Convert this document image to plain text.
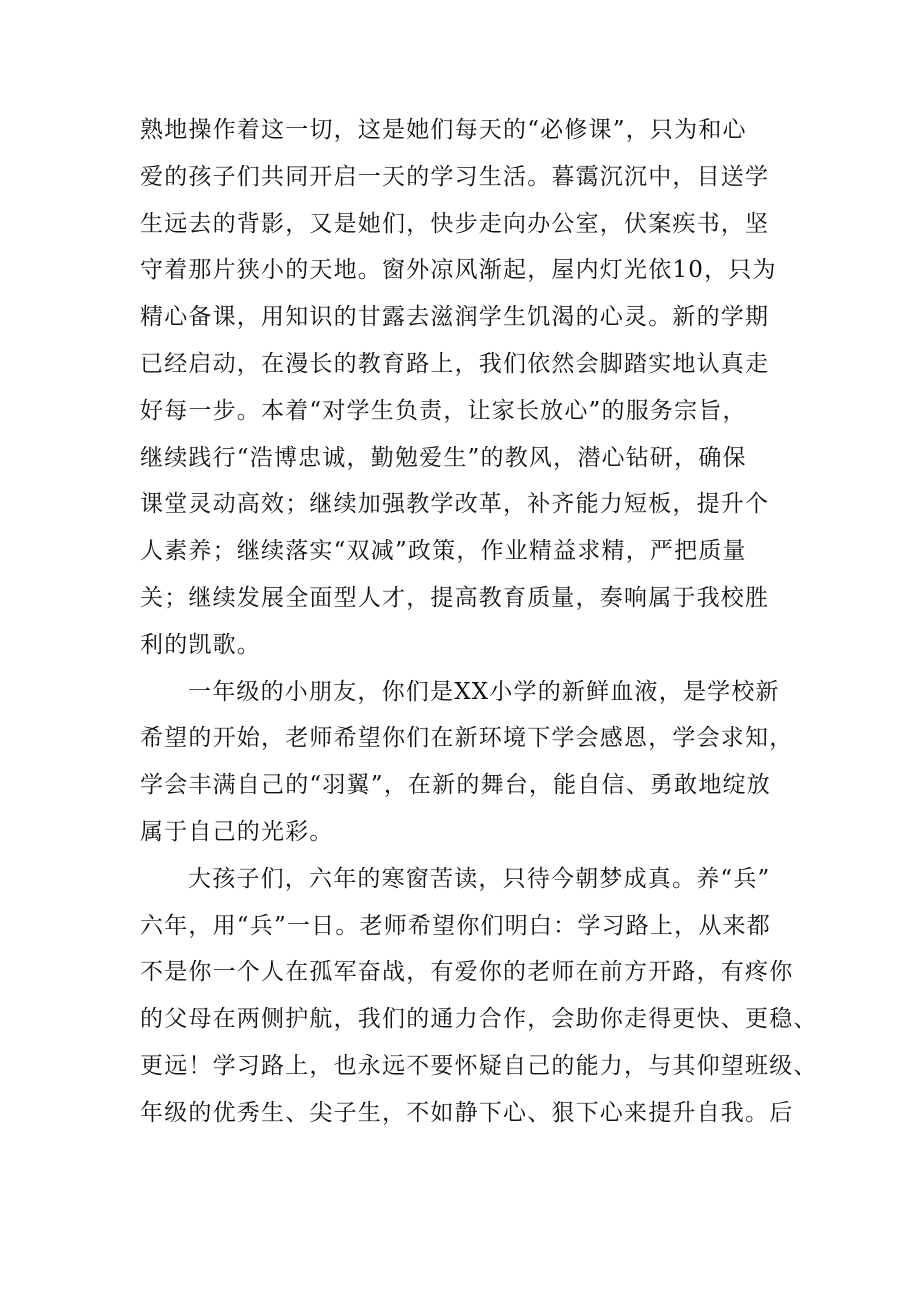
熟地操作着这一切，这是她们每天的“必修课”，只为和心
爱的孩子们共同开启一天的学习生活。暮霭沉沉中，目送学
生远去的背影，又是她们，快步走向办公室，伏案疾书，坚
守着那片狭小的天地。窗外凉风渐起，屋内灯光依10，只为
精心备课，用知识的甘露去滋润学生饥渴的心灵。新的学期
已经启动，在漫长的教育路上，我们依然会脚踏实地认真走
好每一步。本着“对学生负责，让家长放心”的服务宗旨，
继续践行“浩博忠诚，勤勉爱生”的教风，潜心钻研，确保
课堂灵动高效；继续加强教学改革，补齐能力短板，提升个
人素养；继续落实“双减”政策，作业精益求精，严把质量
关；继续发展全面型人才，提高教育质量，奏响属于我校胜
利的凯歌。
一年级的小朋友，你们是XX小学的新鲜血液，是学校新
希望的开始，老师希望你们在新环境下学会感恩，学会求知，
学会丰满自己的“羽翼”，在新的舞台，能自信、勇敢地绽放
属于自己的光彩。
大孩子们，六年的寒窗苦读，只待今朝梦成真。养“兵”
六年，用“兵”一日。老师希望你们明白：学习路上，从来都
不是你一个人在孤军奋战，有爱你的老师在前方开路，有疼你
的父母在两侧护航，我们的通力合作，会助你走得更快、更稳、
更远！学习路上，也永远不要怀疑自己的能力，与其仰望班级、
年级的优秀生、尖子生，不如静下心、狠下心来提升自我。后
